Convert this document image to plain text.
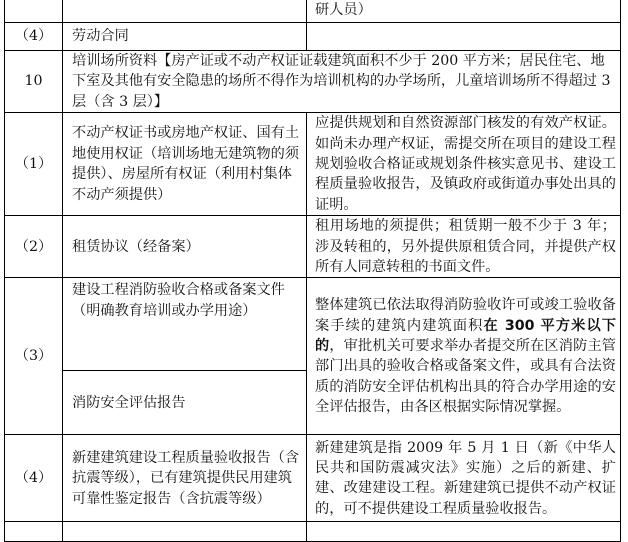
		研人员）
（4）	劳动合同	
10	培训场所资料【房产证或不动产权证证载建筑面积不少于 200 平方米；居民住宅、地下室及其他有安全隐患的场所不得作为培训机构的办学场所，儿童培训场所不得超过 3 层（含 3 层）】	
（1）	不动产权证书或房地产权证、国有土地使用权证（培训场地无建筑物的须提供）、房屋所有权证（利用村集体不动产须提供）	应提供规划和自然资源部门核发的有效产权证。如尚未办理产权证，需提交所在项目的建设工程规划验收合格证或规划条件核实意见书、建设工程质量验收报告，及镇政府或街道办事处出具的证明。
（2）	租赁协议（经备案）	租用场地的须提供；租赁期一般不少于 3 年；涉及转租的，另外提供原租赁合同，并提供产权所有人同意转租的书面文件。
（3）	建设工程消防验收合格或备案文件（明确教育培训或办学用途）	整体建筑已依法取得消防验收许可或竣工验收备案手续的建筑内建筑面积在 300 平方米以下的，审批机关可要求举办者提交所在区消防主管部门出具的验收合格或备案文件，或具有合法资质的消防安全评估机构出具的符合办学用途的安全评估报告，由各区根据实际情况掌握。
	消防安全评估报告	
（4）	新建建筑建设工程质量验收报告（含抗震等级），已有建筑提供民用建筑可靠性鉴定报告（含抗震等级）	新建建筑是指 2009 年 5 月 1 日（新《中华人民共和国防震减灾法》实施）之后的新建、扩建、改建建设工程。新建建筑已提供不动产权证的，可不提供建设工程质量验收报告。
